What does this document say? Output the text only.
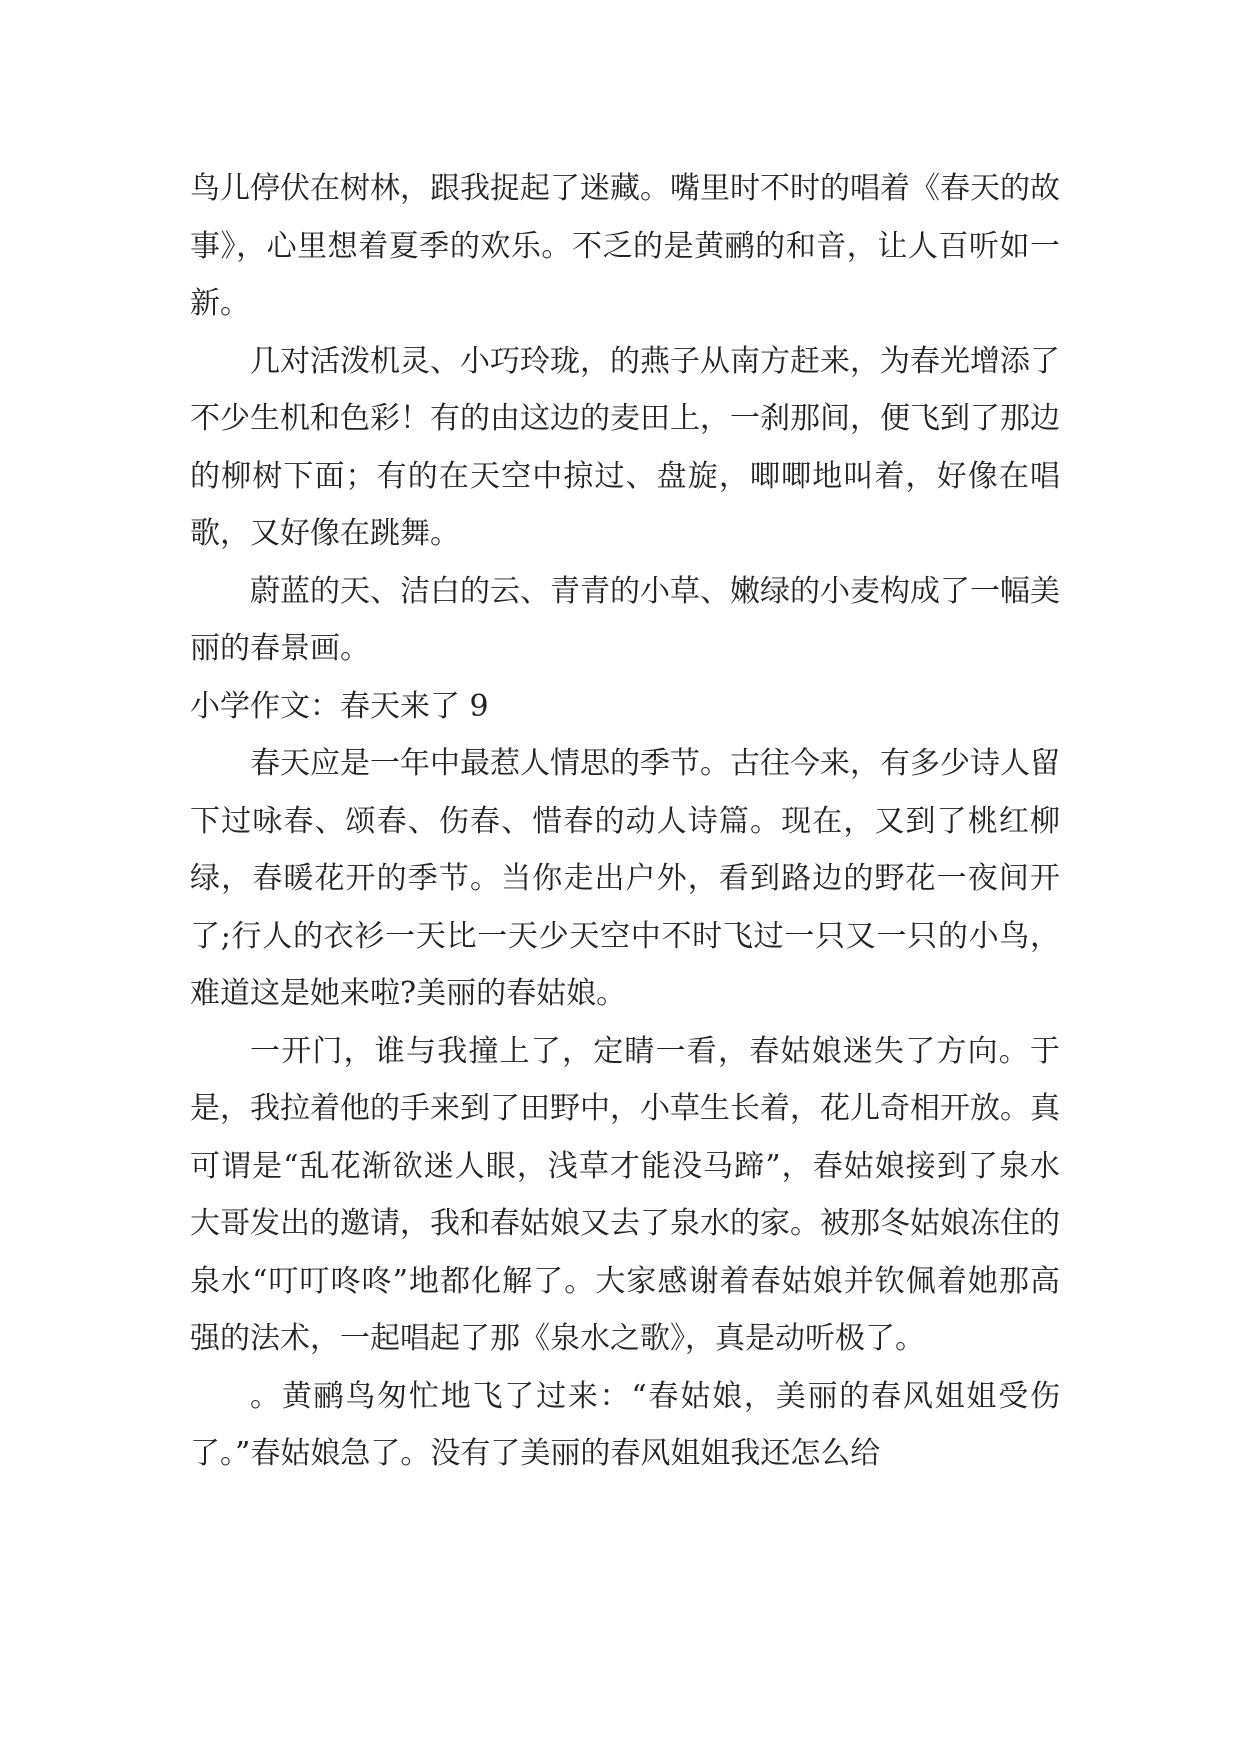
鸟儿停伏在树林，跟我捉起了迷藏。嘴里时不时的唱着《春天的故事》，心里想着夏季的欢乐。不乏的是黄鹂的和音，让人百听如一新。

几对活泼机灵、小巧玲珑，的燕子从南方赶来，为春光增添了不少生机和色彩！有的由这边的麦田上，一刹那间，便飞到了那边的柳树下面；有的在天空中掠过、盘旋，唧唧地叫着，好像在唱歌，又好像在跳舞。

蔚蓝的天、洁白的云、青青的小草、嫩绿的小麦构成了一幅美丽的春景画。

小学作文：春天来了 9

春天应是一年中最惹人情思的季节。古往今来，有多少诗人留下过咏春、颂春、伤春、惜春的动人诗篇。现在，又到了桃红柳绿，春暖花开的季节。当你走出户外，看到路边的野花一夜间开了;行人的衣衫一天比一天少天空中不时飞过一只又一只的小鸟，难道这是她来啦?美丽的春姑娘。

一开门，谁与我撞上了，定睛一看，春姑娘迷失了方向。于是，我拉着他的手来到了田野中，小草生长着，花儿奇相开放。真可谓是“乱花渐欲迷人眼，浅草才能没马蹄”，春姑娘接到了泉水大哥发出的邀请，我和春姑娘又去了泉水的家。被那冬姑娘冻住的泉水“叮叮咚咚”地都化解了。大家感谢着春姑娘并钦佩着她那高强的法术，一起唱起了那《泉水之歌》，真是动听极了。

。黄鹂鸟匆忙地飞了过来：“春姑娘，美丽的春风姐姐受伤了。”春姑娘急了。没有了美丽的春风姐姐我还怎么给
